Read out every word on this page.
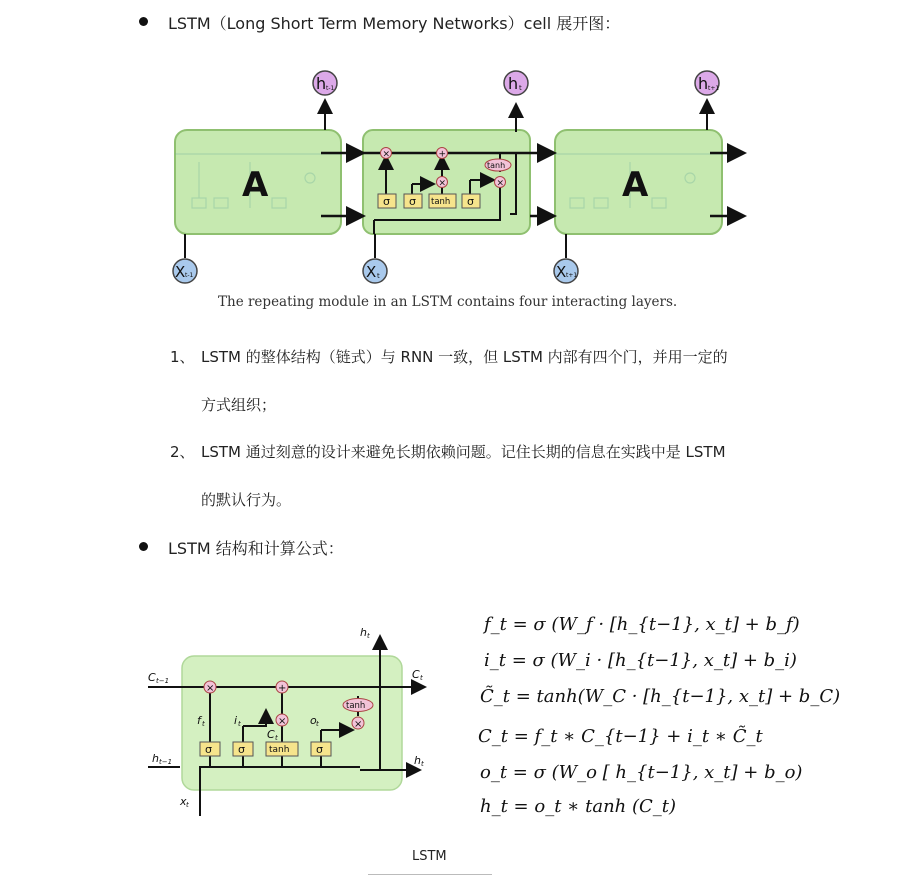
LSTM（Long Short Term Memory Networks）cell 展开图：
A	A
σ σ tanh σ
×	+
×	×
tanh
h t-1	h t	h t+1
X t-1	X t	X t+1
The repeating module in an LSTM contains four interacting layers.
1、 LSTM 的整体结构（链式）与 RNN 一致，但 LSTM 内部有四个门，并用一定的
方式组织；
2、 LSTM 通过刻意的设计来避免长期依赖问题。记住长期的信息在实践中是 LSTM
的默认行为。
LSTM 结构和计算公式：
σ σ	tanh σ
×	+
×	×
tanh
C t−1	C t
h t−1	h t
h t
x t
f t	i t
C t
o t
f_t = σ (W_f · [h_{t−1}, x_t] + b_f)
i_t = σ (W_i · [h_{t−1}, x_t] + b_i)
C̃_t = tanh(W_C · [h_{t−1}, x_t] + b_C)
C_t = f_t ∗ C_{t−1} + i_t ∗ C̃_t
o_t = σ (W_o [ h_{t−1}, x_t] + b_o)
h_t = o_t ∗ tanh (C_t)
LSTM
